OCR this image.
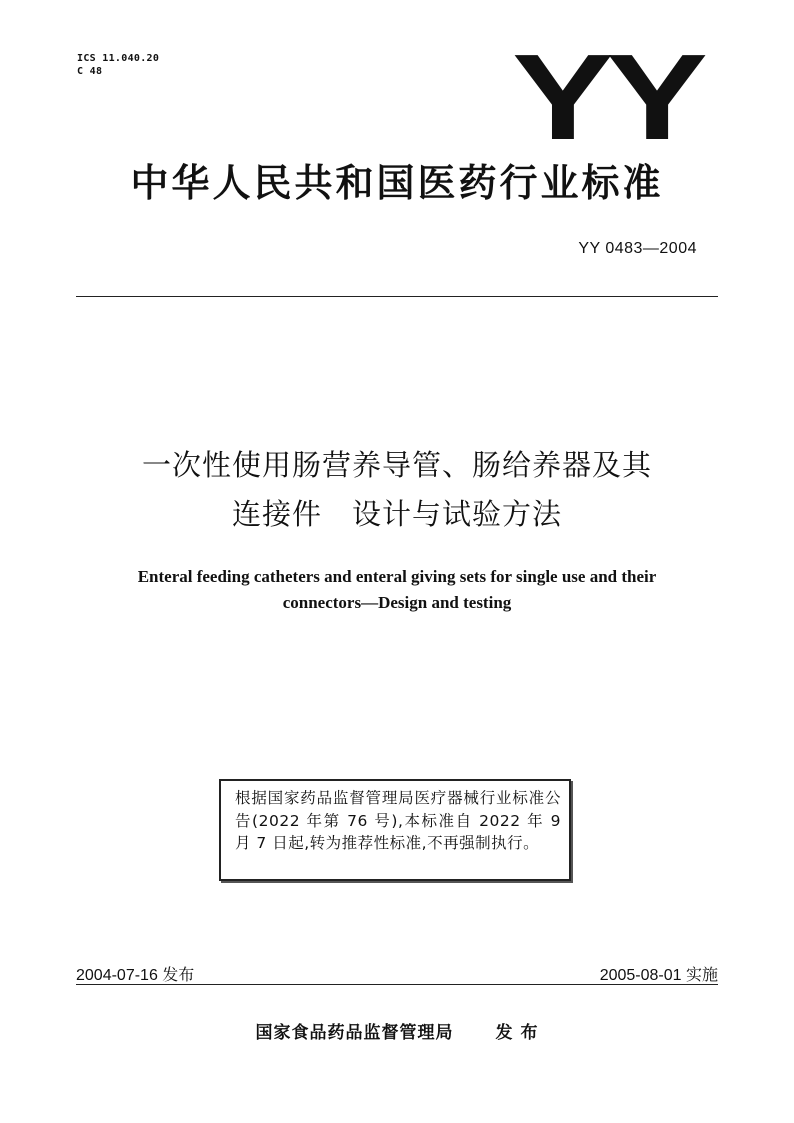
ICS 11.040.20
C 48	YY
中华人民共和国医药行业标准
YY 0483—2004
一次性使用肠营养导管、肠给养器及其
连接件　设计与试验方法
Enteral feeding catheters and enteral giving sets for single use and their
connectors—Design and testing
根据国家药品监督管理局医疗器械行业标准公告(2022 年第 76 号),本标准自 2022 年 9 月 7 日起,转为推荐性标准,不再强制执行。
2004-07-16 发布	2005-08-01 实施
国家食品药品监督管理局 发 布
